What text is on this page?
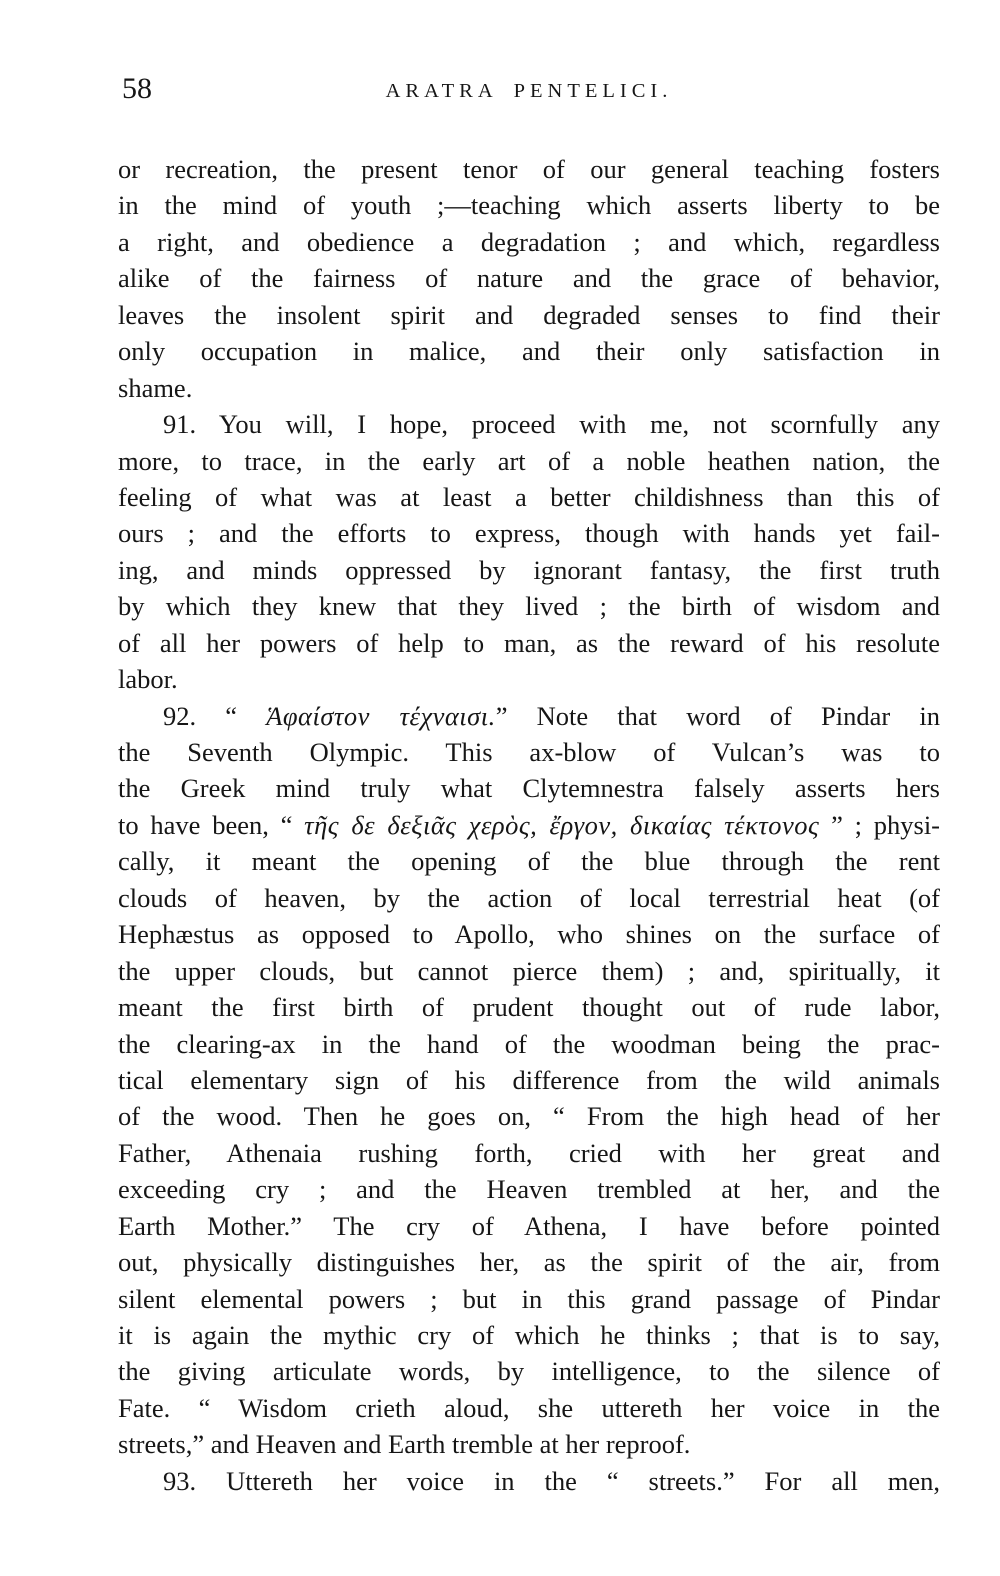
58	ARATRA PENTELICI.
or recreation, the present tenor of our general teaching fosters
in the mind of youth ;—teaching which asserts liberty to be
a right, and obedience a degradation ; and which, regardless
alike of the fairness of nature and the grace of behavior,
leaves the insolent spirit and degraded senses to find their
only occupation in malice, and their only satisfaction in
shame.
91. You will, I hope, proceed with me, not scornfully any
more, to trace, in the early art of a noble heathen nation, the
feeling of what was at least a better childishness than this of
ours ; and the efforts to express, though with hands yet fail-
ing, and minds oppressed by ignorant fantasy, the first truth
by which they knew that they lived ; the birth of wisdom and
of all her powers of help to man, as the reward of his resolute
labor.
92. “ Ἁφαίστον τέχναισι.” Note that word of Pindar in
the Seventh Olympic. This ax-blow of Vulcan’s was to
the Greek mind truly what Clytemnestra falsely asserts hers
to have been, “ τῆς δε δεξιᾶς χερὸς, ἔργον, δικαίας τέκτονος ” ; physi-
cally, it meant the opening of the blue through the rent
clouds of heaven, by the action of local terrestrial heat (of
Hephæstus as opposed to Apollo, who shines on the surface of
the upper clouds, but cannot pierce them) ; and, spiritually, it
meant the first birth of prudent thought out of rude labor,
the clearing-ax in the hand of the woodman being the prac-
tical elementary sign of his difference from the wild animals
of the wood. Then he goes on, “ From the high head of her
Father, Athenaia rushing forth, cried with her great and
exceeding cry ; and the Heaven trembled at her, and the
Earth Mother.” The cry of Athena, I have before pointed
out, physically distinguishes her, as the spirit of the air, from
silent elemental powers ; but in this grand passage of Pindar
it is again the mythic cry of which he thinks ; that is to say,
the giving articulate words, by intelligence, to the silence of
Fate. “ Wisdom crieth aloud, she uttereth her voice in the
streets,” and Heaven and Earth tremble at her reproof.
93. Uttereth her voice in the “ streets.” For all men,
